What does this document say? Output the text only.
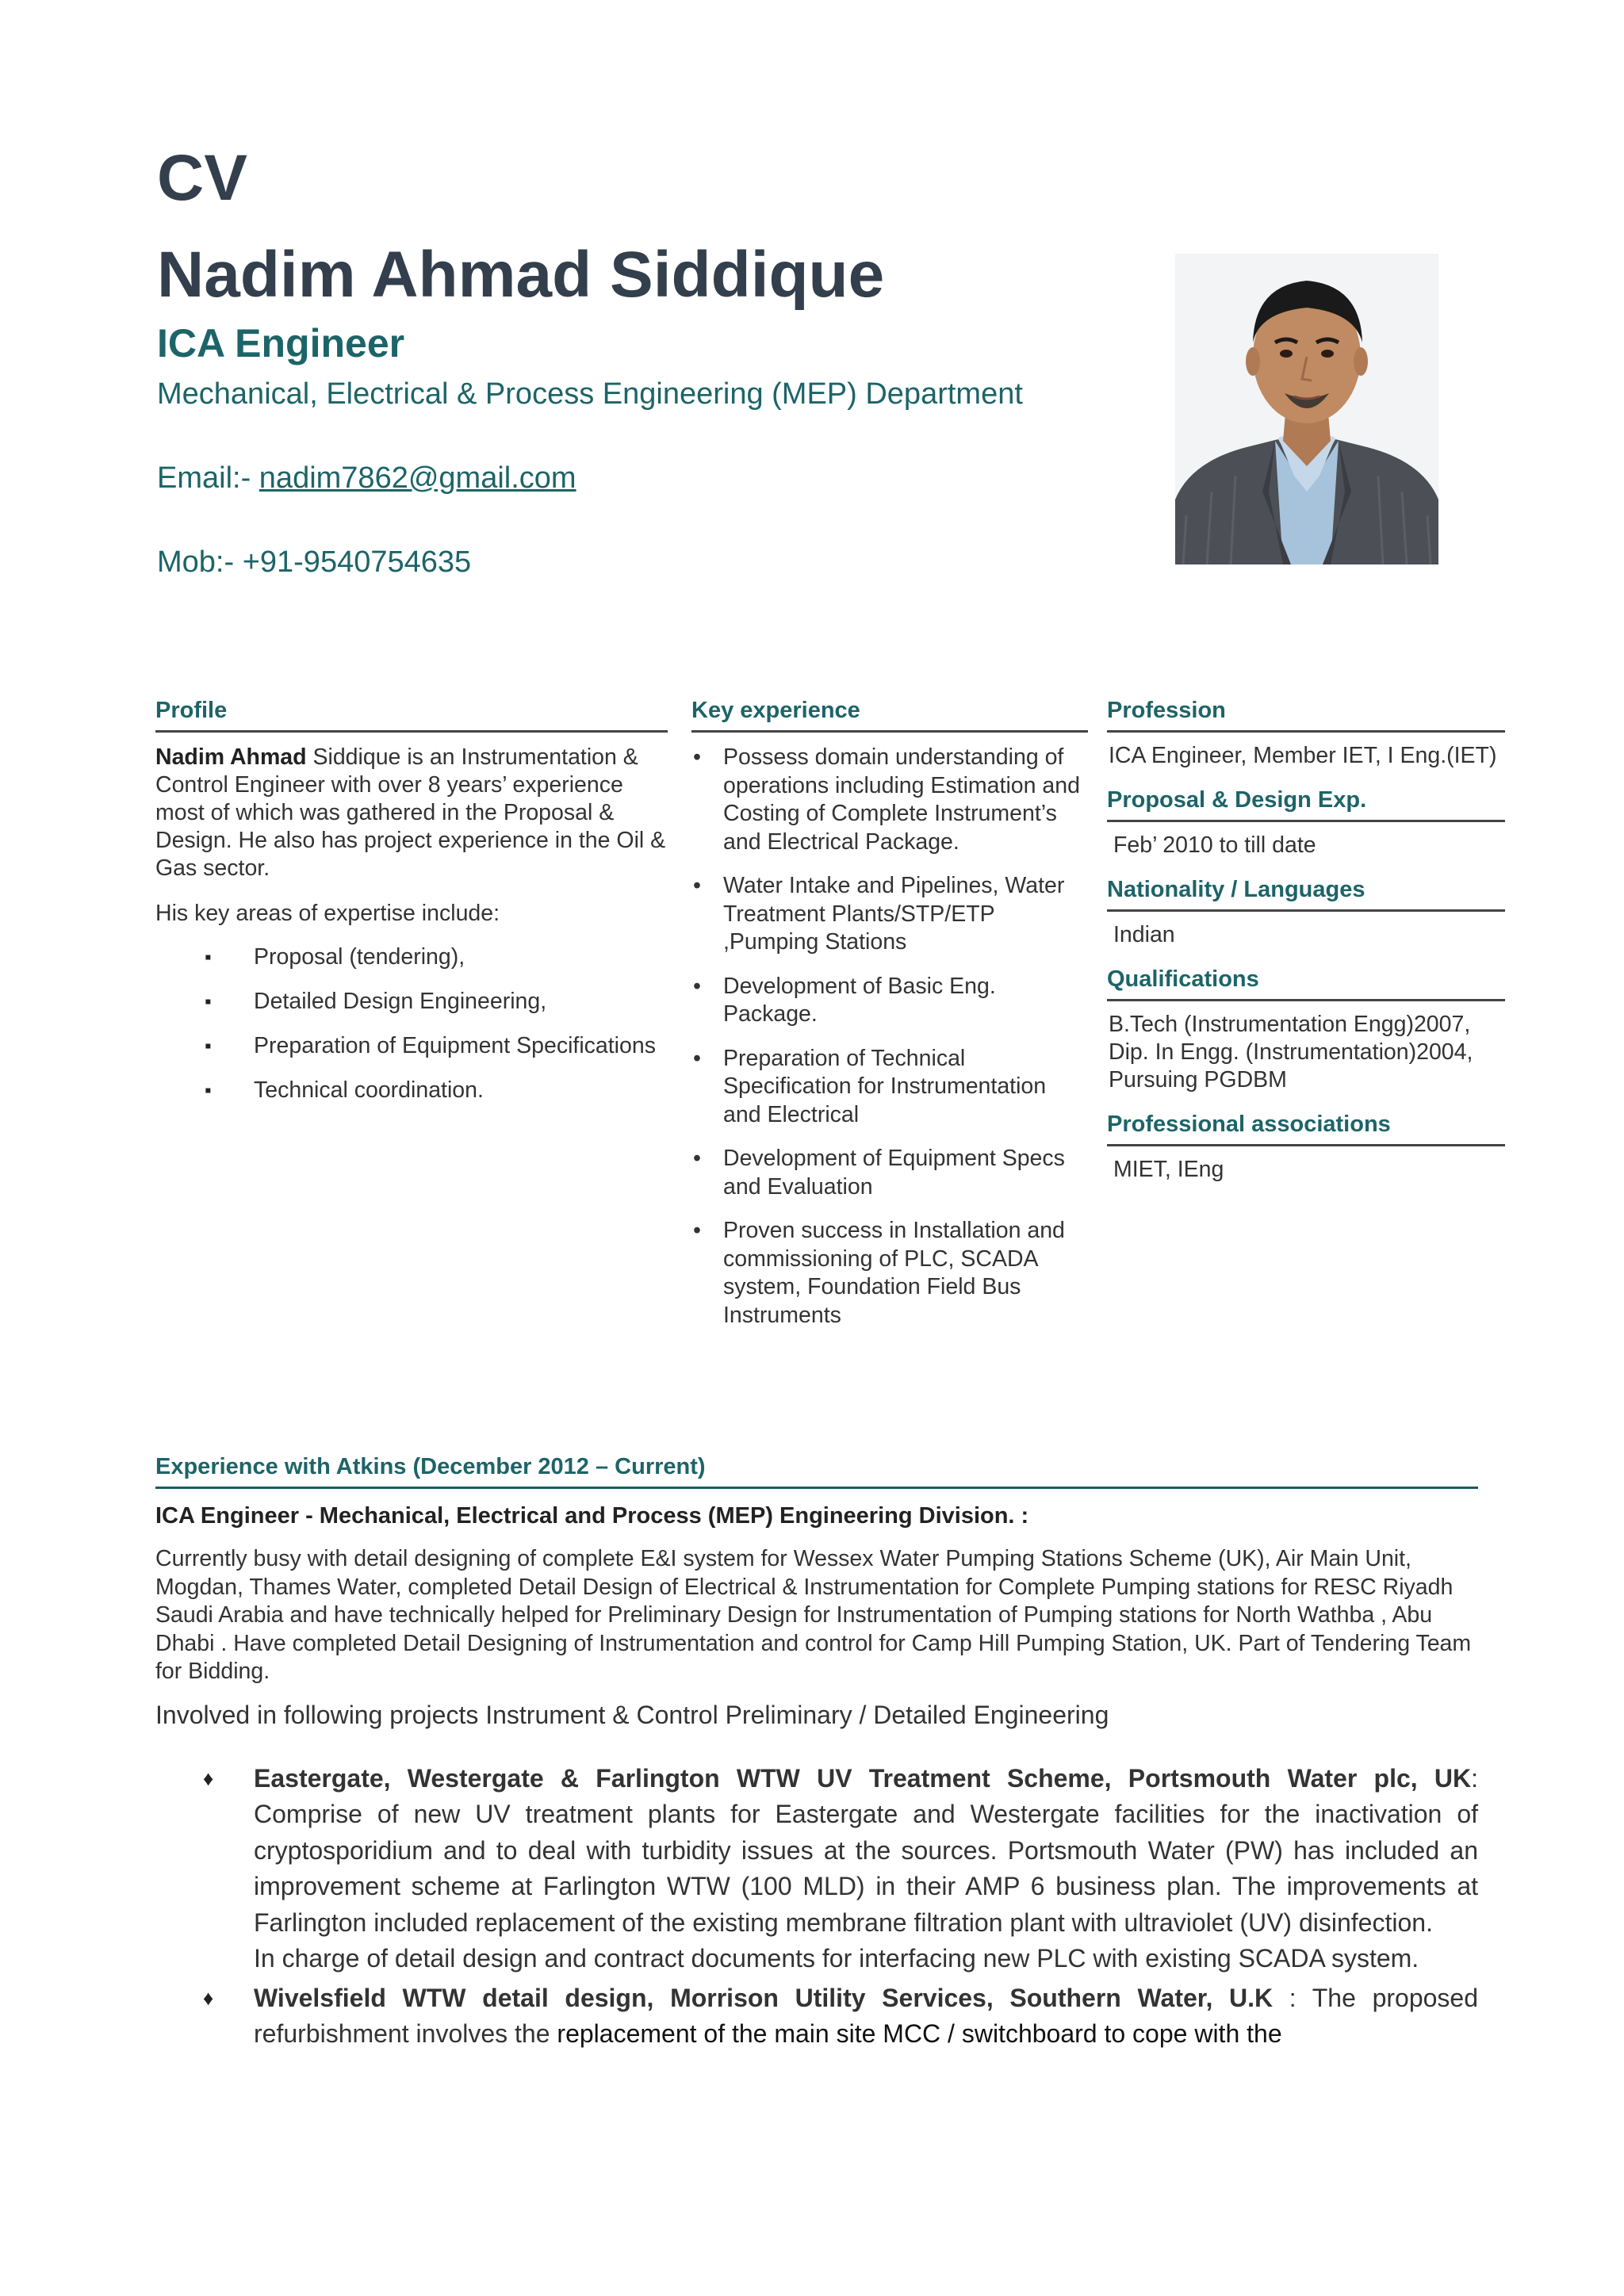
CV
Nadim Ahmad Siddique
ICA Engineer
Mechanical, Electrical & Process Engineering (MEP) Department
Email:- nadim7862@gmail.com
Mob:- +91-9540754635
Profile

Nadim Ahmad Siddique is an Instrumentation & Control Engineer with over 8 years’ experience most of which was gathered in the Proposal & Design. He also has project experience in the Oil & Gas sector.

His key areas of expertise include:

▪ Proposal (tendering),
▪ Detailed Design Engineering,
▪ Preparation of Equipment Specifications
▪ Technical coordination.
Key experience
• Possess domain understanding of operations including Estimation and Costing of Complete Instrument’s and Electrical Package.
• Water Intake and Pipelines, Water Treatment Plants/STP/ETP ,Pumping Stations
• Development of Basic Eng. Package.
• Preparation of Technical Specification for Instrumentation and Electrical
• Development of Equipment Specs and Evaluation
• Proven success in Installation and commissioning of PLC, SCADA system, Foundation Field Bus Instruments
Profession
ICA Engineer, Member IET, I Eng.(IET)
Proposal & Design Exp.
Feb’ 2010 to till date
Nationality / Languages
Indian
Qualifications
B.Tech (Instrumentation Engg)2007, Dip. In Engg. (Instrumentation)2004, Pursuing PGDBM
Professional associations
MIET, IEng
Experience with Atkins (December 2012 – Current)
ICA Engineer - Mechanical, Electrical and Process (MEP) Engineering Division. :

Currently busy with detail designing of complete E&I system for Wessex Water Pumping Stations Scheme (UK), Air Main Unit, Mogdan, Thames Water, completed Detail Design of Electrical & Instrumentation for Complete Pumping stations for RESC Riyadh Saudi Arabia and have technically helped for Preliminary Design for Instrumentation of Pumping stations for North Wathba , Abu Dhabi . Have completed Detail Designing of Instrumentation and control for Camp Hill Pumping Station, UK. Part of Tendering Team for Bidding.

Involved in following projects Instrument & Control Preliminary / Detailed Engineering

♦ Eastergate, Westergate & Farlington WTW UV Treatment Scheme, Portsmouth Water plc, UK: Comprise of new UV treatment plants for Eastergate and Westergate facilities for the inactivation of cryptosporidium and to deal with turbidity issues at the sources. Portsmouth Water (PW) has included an improvement scheme at Farlington WTW (100 MLD) in their AMP 6 business plan. The improvements at Farlington included replacement of the existing membrane filtration plant with ultraviolet (UV) disinfection.
In charge of detail design and contract documents for interfacing new PLC with existing SCADA system.
♦ Wivelsfield WTW detail design, Morrison Utility Services, Southern Water, U.K : The proposed refurbishment involves the replacement of the main site MCC / switchboard to cope with the
